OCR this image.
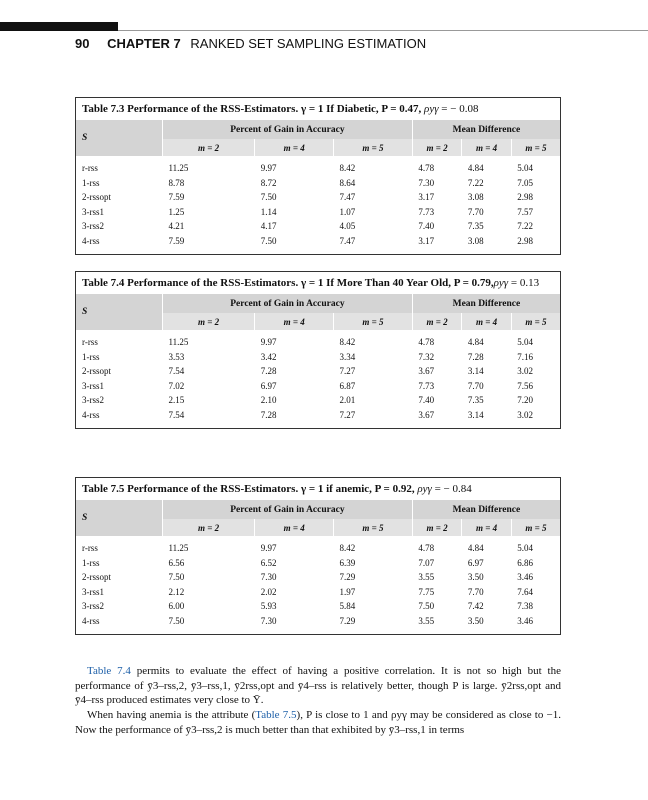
90 CHAPTER 7 RANKED SET SAMPLING ESTIMATION
Table 7.3 Performance of the RSS-Estimators. γ = 1 If Diabetic, P = 0.47, ρyγ = − 0.08
S	Percent of Gain in Accuracy			Mean Difference		
	m = 2	m = 4	m = 5	m = 2	m = 4	m = 5
r-rss	11.25	9.97	8.42	4.78	4.84	5.04
1-rss	8.78	8.72	8.64	7.30	7.22	7.05
2-rssopt	7.59	7.50	7.47	3.17	3.08	2.98
3-rss1	1.25	1.14	1.07	7.73	7.70	7.57
3-rss2	4.21	4.17	4.05	7.40	7.35	7.22
4-rss	7.59	7.50	7.47	3.17	3.08	2.98

Table 7.4 Performance of the RSS-Estimators. γ = 1 If More Than 40 Year Old, P = 0.79,ρyγ = 0.13
S	Percent of Gain in Accuracy			Mean Difference		
	m = 2	m = 4	m = 5	m = 2	m = 4	m = 5
r-rss	11.25	9.97	8.42	4.78	4.84	5.04
1-rss	3.53	3.42	3.34	7.32	7.28	7.16
2-rssopt	7.54	7.28	7.27	3.67	3.14	3.02
3-rss1	7.02	6.97	6.87	7.73	7.70	7.56
3-rss2	2.15	2.10	2.01	7.40	7.35	7.20
4-rss	7.54	7.28	7.27	3.67	3.14	3.02

Table 7.5 Performance of the RSS-Estimators. γ = 1 if anemic, P = 0.92, ρyγ = − 0.84
S	Percent of Gain in Accuracy			Mean Difference		
	m = 2	m = 4	m = 5	m = 2	m = 4	m = 5
r-rss	11.25	9.97	8.42	4.78	4.84	5.04
1-rss	6.56	6.52	6.39	7.07	6.97	6.86
2-rssopt	7.50	7.30	7.29	3.55	3.50	3.46
3-rss1	2.12	2.02	1.97	7.75	7.70	7.64
3-rss2	6.00	5.93	5.84	7.50	7.42	7.38
4-rss	7.50	7.30	7.29	3.55	3.50	3.46

Table 7.4 permits to evaluate the effect of having a positive correlation. It is not so high but the performance of ȳ3–rss,2, ȳ3–rss,1, ȳ2rss,opt and ȳ4–rss is relatively better, though P is large. ȳ2rss,opt and ȳ4–rss produced estimates very close to Ȳ.
When having anemia is the attribute (Table 7.5), P is close to 1 and ρyγ may be considered as close to −1. Now the performance of ȳ3–rss,2 is much better than that exhibited by ȳ3–rss,1 in terms
